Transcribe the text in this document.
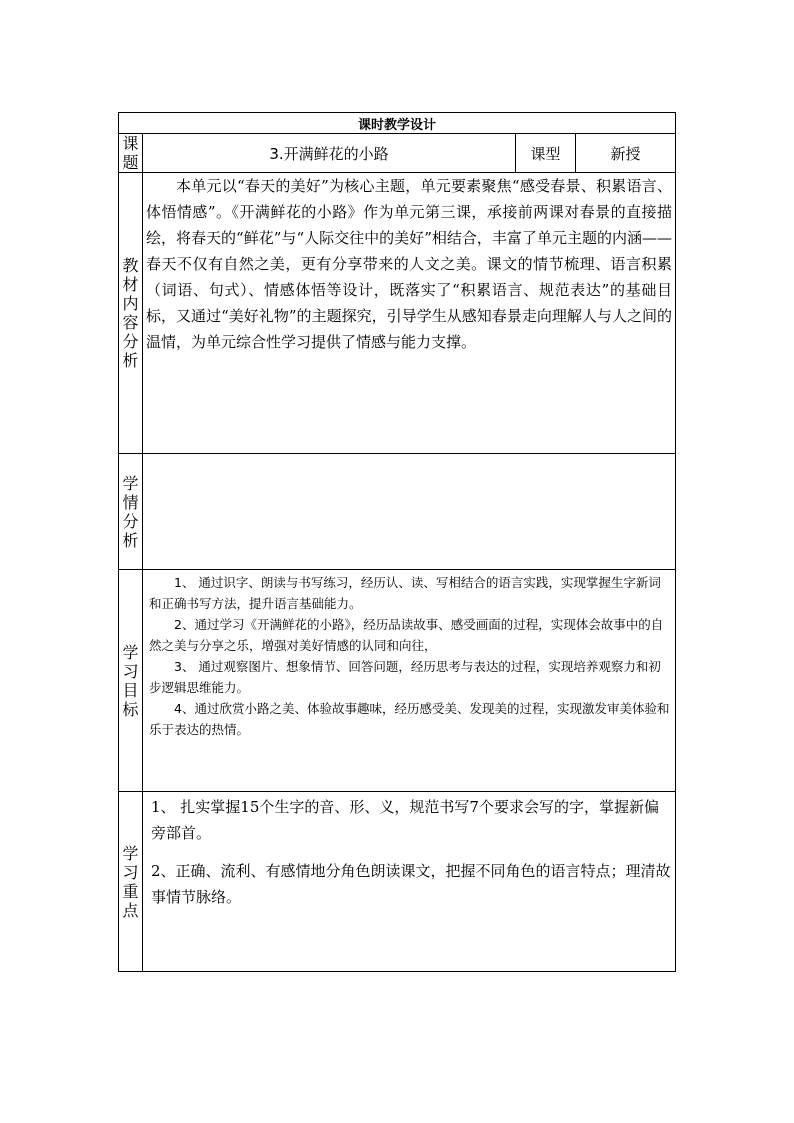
课时教学设计			
课题	3.开满鲜花的小路	课型	新授
教材内容分析	本单元以“春天的美好”为核心主题，单元要素聚焦“感受春景、积累语言、体悟情感”。《开满鲜花的小路》作为单元第三课，承接前两课对春景的直接描绘，将春天的“鲜花”与“人际交往中的美好”相结合，丰富了单元主题的内涵——春天不仅有自然之美，更有分享带来的人文之美。课文的情节梳理、语言积累（词语、句式）、情感体悟等设计，既落实了“积累语言、规范表达”的基础目标，又通过“美好礼物”的主题探究，引导学生从感知春景走向理解人与人之间的温情，为单元综合性学习提供了情感与能力支撑。		

学情分析			
学习目标	1、 通过识字、朗读与书写练习，经历认、读、写相结合的语言实践，实现掌握生字新词和正确书写方法，提升语言基础能力。

2、通过学习《开满鲜花的小路》，经历品读故事、感受画面的过程，实现体会故事中的自然之美与分享之乐，增强对美好情感的认同和向往，

3、 通过观察图片、想象情节、回答问题，经历思考与表达的过程，实现培养观察力和初步逻辑思维能力。

4、通过欣赏小路之美、体验故事趣味，经历感受美、发现美的过程，实现激发审美体验和乐于表达的热情。		

学习重点	1、 扎实掌握15个生字的音、形、义，规范书写7个要求会写的字，掌握新偏旁部首。

2、正确、流利、有感情地分角色朗读课文，把握不同角色的语言特点；理清故事情节脉络。		
